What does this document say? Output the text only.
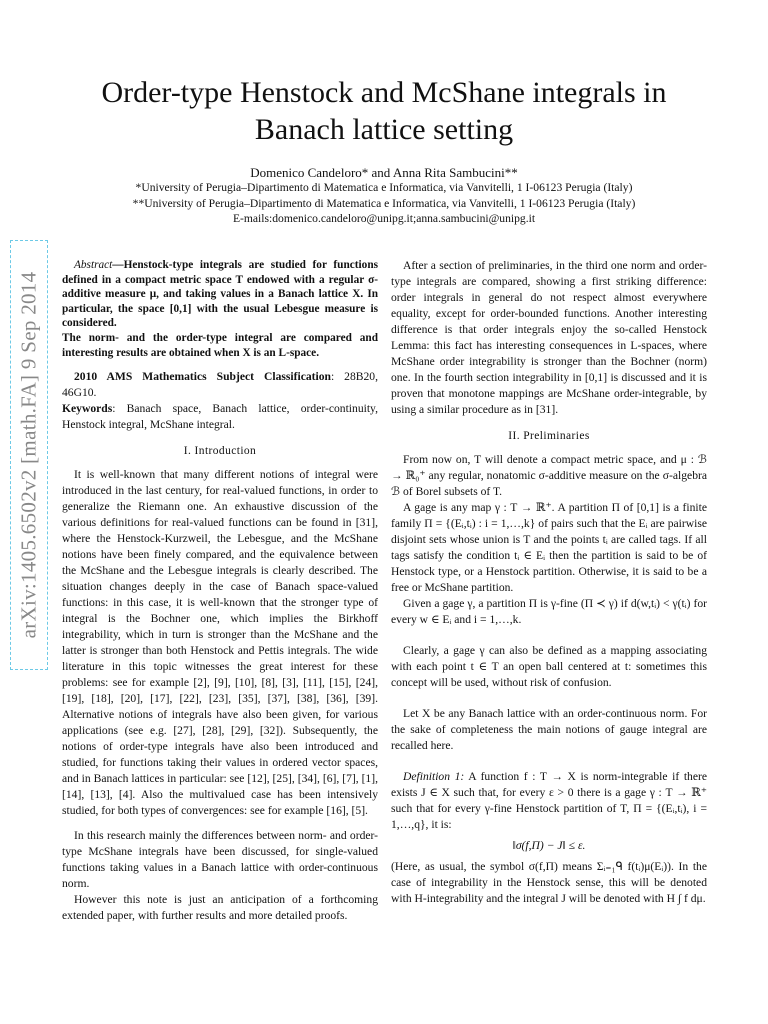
arXiv:1405.6502v2 [math.FA] 9 Sep 2014
Order-type Henstock and McShane integrals in Banach lattice setting
Domenico Candeloro* and Anna Rita Sambucini**
*University of Perugia–Dipartimento di Matematica e Informatica, via Vanvitelli, 1 I-06123 Perugia (Italy)
**University of Perugia–Dipartimento di Matematica e Informatica, via Vanvitelli, 1 I-06123 Perugia (Italy)
E-mails:domenico.candeloro@unipg.it;anna.sambucini@unipg.it

Abstract—Henstock-type integrals are studied for functions defined in a compact metric space T endowed with a regular σ-additive measure μ, and taking values in a Banach lattice X. In particular, the space [0,1] with the usual Lebesgue measure is considered.

The norm- and the order-type integral are compared and interesting results are obtained when X is an L-space.

2010 AMS Mathematics Subject Classification: 28B20, 46G10.

Keywords: Banach space, Banach lattice, order-continuity, Henstock integral, McShane integral.

I. Introduction

It is well-known that many different notions of integral were introduced in the last century, for real-valued functions, in order to generalize the Riemann one. An exhaustive discussion of the various definitions for real-valued functions can be found in [31], where the Henstock-Kurzweil, the Lebesgue, and the McShane notions have been finely compared, and the equivalence between the McShane and the Lebesgue integrals is clearly described. The situation changes deeply in the case of Banach space-valued functions: in this case, it is well-known that the stronger type of integral is the Bochner one, which implies the Birkhoff integrability, which in turn is stronger than the McShane and the latter is stronger than both Henstock and Pettis integrals. The wide literature in this topic witnesses the great interest for these problems: see for example [2], [9], [10], [8], [3], [11], [15], [24], [19], [18], [20], [17], [22], [23], [35], [37], [38], [36], [39]. Alternative notions of integrals have also been given, for various applications (see e.g. [27], [28], [29], [32]). Subsequently, the notions of order-type integrals have also been introduced and studied, for functions taking their values in ordered vector spaces, and in Banach lattices in particular: see [12], [25], [34], [6], [7], [1], [14], [13], [4]. Also the multivalued case has been intensively studied, for both types of convergences: see for example [16], [5].

In this research mainly the differences between norm- and order-type McShane integrals have been discussed, for single-valued functions taking values in a Banach lattice with order-continuous norm.

However this note is just an anticipation of a forthcoming extended paper, with further results and more detailed proofs.

After a section of preliminaries, in the third one norm and order-type integrals are compared, showing a first striking difference: order integrals in general do not respect almost everywhere equality, except for order-bounded functions. Another interesting difference is that order integrals enjoy the so-called Henstock Lemma: this fact has interesting consequences in L-spaces, where McShane order integrability is stronger than the Bochner (norm) one. In the fourth section integrability in [0,1] is discussed and it is proven that monotone mappings are McShane order-integrable, by using a similar procedure as in [31].

II. Preliminaries

From now on, T will denote a compact metric space, and μ : ℬ → ℝ₀⁺ any regular, nonatomic σ-additive measure on the σ-algebra ℬ of Borel subsets of T.

A gage is any map γ : T → ℝ⁺. A partition Π of [0,1] is a finite family Π = {(Eᵢ,tᵢ) : i = 1,…,k} of pairs such that the Eᵢ are pairwise disjoint sets whose union is T and the points tᵢ are called tags. If all tags satisfy the condition tᵢ ∈ Eᵢ then the partition is said to be of Henstock type, or a Henstock partition. Otherwise, it is said to be a free or McShane partition.

Given a gage γ, a partition Π is γ-fine (Π ≺ γ) if d(w,tᵢ) < γ(tᵢ) for every w ∈ Eᵢ and i = 1,…,k.

Clearly, a gage γ can also be defined as a mapping associating with each point t ∈ T an open ball centered at t: sometimes this concept will be used, without risk of confusion.

Let X be any Banach lattice with an order-continuous norm. For the sake of completeness the main notions of gauge integral are recalled here.

Definition 1: A function f : T → X is norm-integrable if there exists J ∈ X such that, for every ε > 0 there is a gage γ : T → ℝ⁺ such that for every γ-fine Henstock partition of T, Π = {(Eᵢ,tᵢ), i = 1,…,q}, it is:

‖σ(f,Π) − J‖ ≤ ε.

(Here, as usual, the symbol σ(f,Π) means Σᵢ₌₁ᑫ f(tᵢ)μ(Eᵢ)). In the case of integrability in the Henstock sense, this will be denoted with H-integrability and the integral J will be denoted with H ∫ f dμ.
